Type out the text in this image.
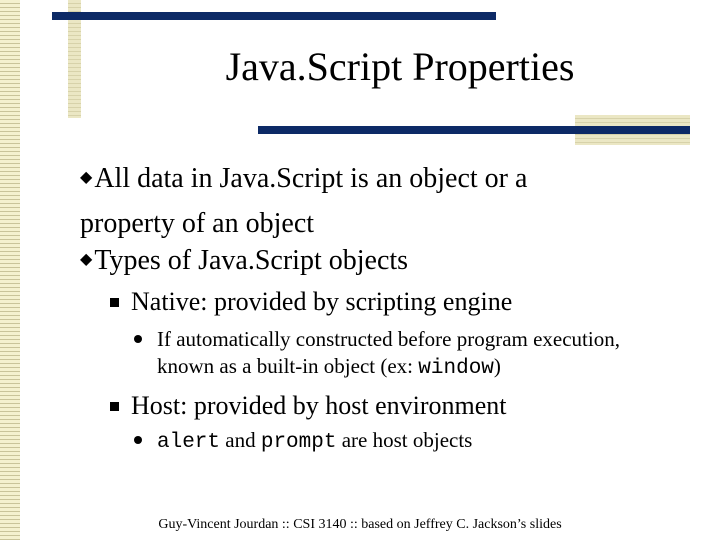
Java.Script Properties
◆All data in Java.Script is an object or a
property of an object
◆Types of Java.Script objects
Native: provided by scripting engine
If automatically constructed before program execution,
known as a built-in object (ex: window)
Host: provided by host environment
alert and prompt are host objects
Guy-Vincent Jourdan :: CSI 3140 :: based on Jeffrey C. Jackson’s slides
